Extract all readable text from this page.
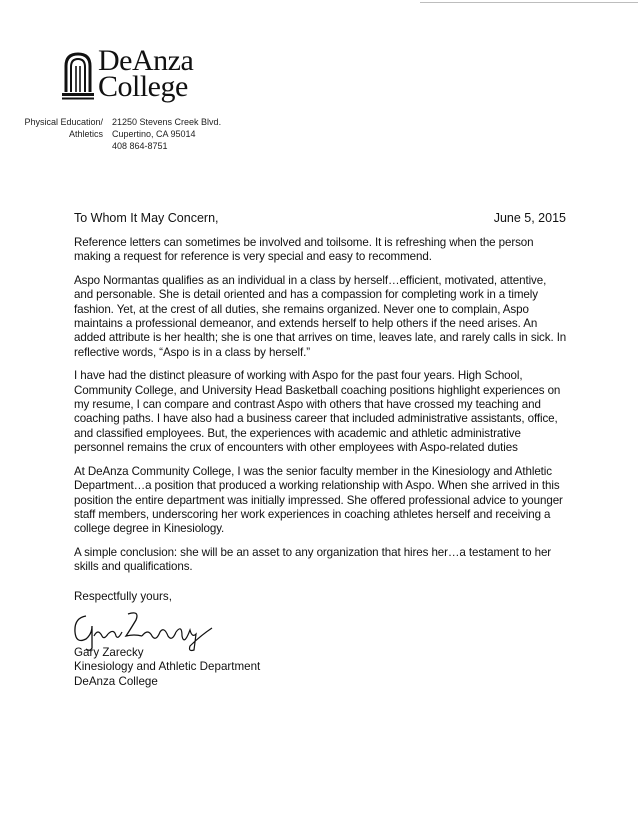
DeAnza
College
Physical Education/
Athletics
21250 Stevens Creek Blvd.
Cupertino, CA 95014
408 864-8751
To Whom It May Concern,	June 5, 2015

Reference letters can sometimes be involved and toilsome. It is refreshing when the person making a request for reference is very special and easy to recommend.

Aspo Normantas qualifies as an individual in a class by herself…efficient, motivated, attentive, and personable. She is detail oriented and has a compassion for completing work in a timely fashion. Yet, at the crest of all duties, she remains organized. Never one to complain, Aspo maintains a professional demeanor, and extends herself to help others if the need arises. An added attribute is her health; she is one that arrives on time, leaves late, and rarely calls in sick. In reflective words, “Aspo is in a class by herself.”

I have had the distinct pleasure of working with Aspo for the past four years. High School, Community College, and University Head Basketball coaching positions highlight experiences on my resume, I can compare and contrast Aspo with others that have crossed my teaching and coaching paths. I have also had a business career that included administrative assistants, office, and classified employees. But, the experiences with academic and athletic administrative personnel remains the crux of encounters with other employees with Aspo-related duties

At DeAnza Community College, I was the senior faculty member in the Kinesiology and Athletic Department…a position that produced a working relationship with Aspo. When she arrived in this position the entire department was initially impressed. She offered professional advice to younger staff members, underscoring her work experiences in coaching athletes herself and receiving a college degree in Kinesiology.

A simple conclusion: she will be an asset to any organization that hires her…a testament to her skills and qualifications.

Respectfully yours,
Gary Zarecky
Kinesiology and Athletic Department
DeAnza College
